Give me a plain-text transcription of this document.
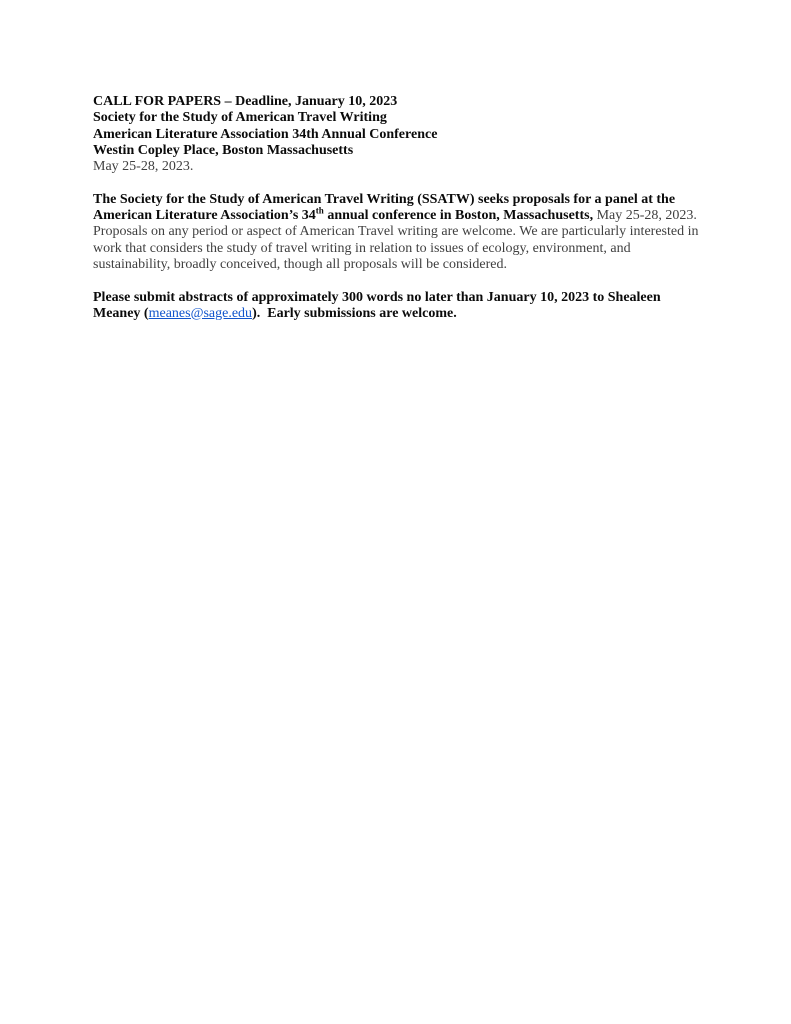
CALL FOR PAPERS – Deadline, January 10, 2023
Society for the Study of American Travel Writing
American Literature Association 34th Annual Conference
Westin Copley Place, Boston Massachusetts
May 25-28, 2023.

The Society for the Study of American Travel Writing (SSATW) seeks proposals for a panel at the American Literature Association’s 34th annual conference in Boston, Massachusetts, May 25-28, 2023.  Proposals on any period or aspect of American Travel writing are welcome. We are particularly interested in work that considers the study of travel writing in relation to issues of ecology, environment, and sustainability, broadly conceived, though all proposals will be considered.

Please submit abstracts of approximately 300 words no later than January 10, 2023 to Shealeen Meaney (meanes@sage.edu).  Early submissions are welcome.
